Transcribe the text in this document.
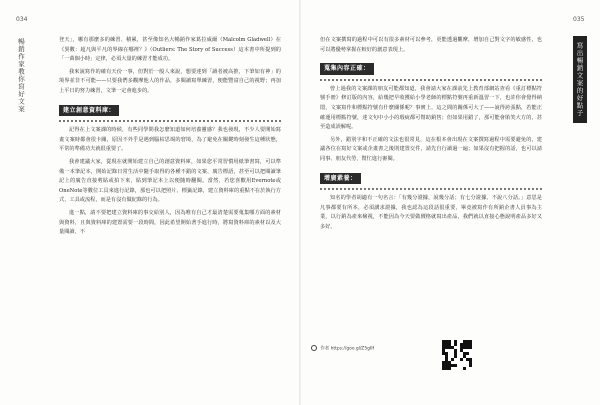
034	035
暢銷作家教你寫好文案	寫出暢銷文案的好點子

登天」，哪有那麼多的練習、積累，甚至像知名大暢銷作家葛拉威爾（Malcolm Gladwell）在《異數：超凡與平凡的界線在哪裡？》（Outliers: The Story of Success）這本書中所提到的「一萬個小時」定律，必須大量的練習才能成功。

我來說寫作的確有天份一事，但對於一般人來說，想要達到「讀者被高推，下筆如有神」的境界並非不可能——只要我們多觀摩他人的作品，多閱讀寫單練習，便能豐富自己的視野；再加上平日的努力練習，文筆一定會進步的。

建立創意資料庫：

記得在上文案課的時候，有些同學問我怎麼知道如何培養靈感？我也發現，不少人要開始寫畫文案時都會很卡關，原因不外乎是遇到腦枯思竭的窘境，為了避免在關鍵時刻發生這種狀態，平常的準備功夫就很重要了。

我會建議大家，從現在就開始建立自己的創意資料庫，如果您平常習慣用紙筆書寫，可以準備一本筆記本，開始記錄日常生活中隨手取得的各種不錯的文案、廣告標語，甚至可以把閱讀筆記上的廣告直接剪貼或拍下來，貼到筆記本上以便隨時翻閱。當然，若您喜歡用Evernote或OneNote等數位工具來進行記錄，那也可以把照片、標籤記錄，建立資料庫的重點不在於執行方式、工具或流程，而是有沒有做紀錄的行為。

進一點，請不要把建立資料庫的事交給別人，因為唯有自己才最清楚需要蒐集哪方面的素材與資料，且與資料庫的建置需要一段時間，因此希望開始著手進行時，將寫資料庫的素材以及大量閱讀，不

但在文案撰寫的過程中可以有很多素材可以參考，更能透過觀摩，增加自己對文字的敏感性，也可以將優勢掌握在較好的創意表現上。

蒐集內容正確：

曾上過我的文案課的朋友可能都知道，我會請大家在課前先上教育部網站查看《重訂標點符號手冊》修訂版的內容，給幾把早收獲給小學老師的標點符號再重新溫習一下，也許你會覺得納悶，文案寫作和標點符號有什麼關係呢？事實上，這之間的關係可大了——說得誇張點，若能正確運用標點符號，達文句中小小的瑕疵都可幫助銷售；但如果用錯了，那可能會貽笑大方的，甚至造成誤解呢。

另外，錯別字和不正確的文法也很常見，這在根本會出現在文案撰寫過程中需要避免的，建議各位在寫好文案或企畫書之後則建置交件，請先自行讀過一遍；如果沒有把握的話，也可以請同事、朋友代勞，幫忙進行審閱。

增廣素養：

知名的學者胡適有一句名言：「有幾分證據，說幾分話；有七分證據，不說八分話。」意思是凡事都要有所本，必須講求證據，我也認為這段話很重要，畢竟被寫作有所銷企書人員事為主業，以行銷為產來檢視，不能因為今天要做價格就寫出產品，我們就以直接心態說明產品多好又多好。

作者 https://goo.gl/Z5gIIf
